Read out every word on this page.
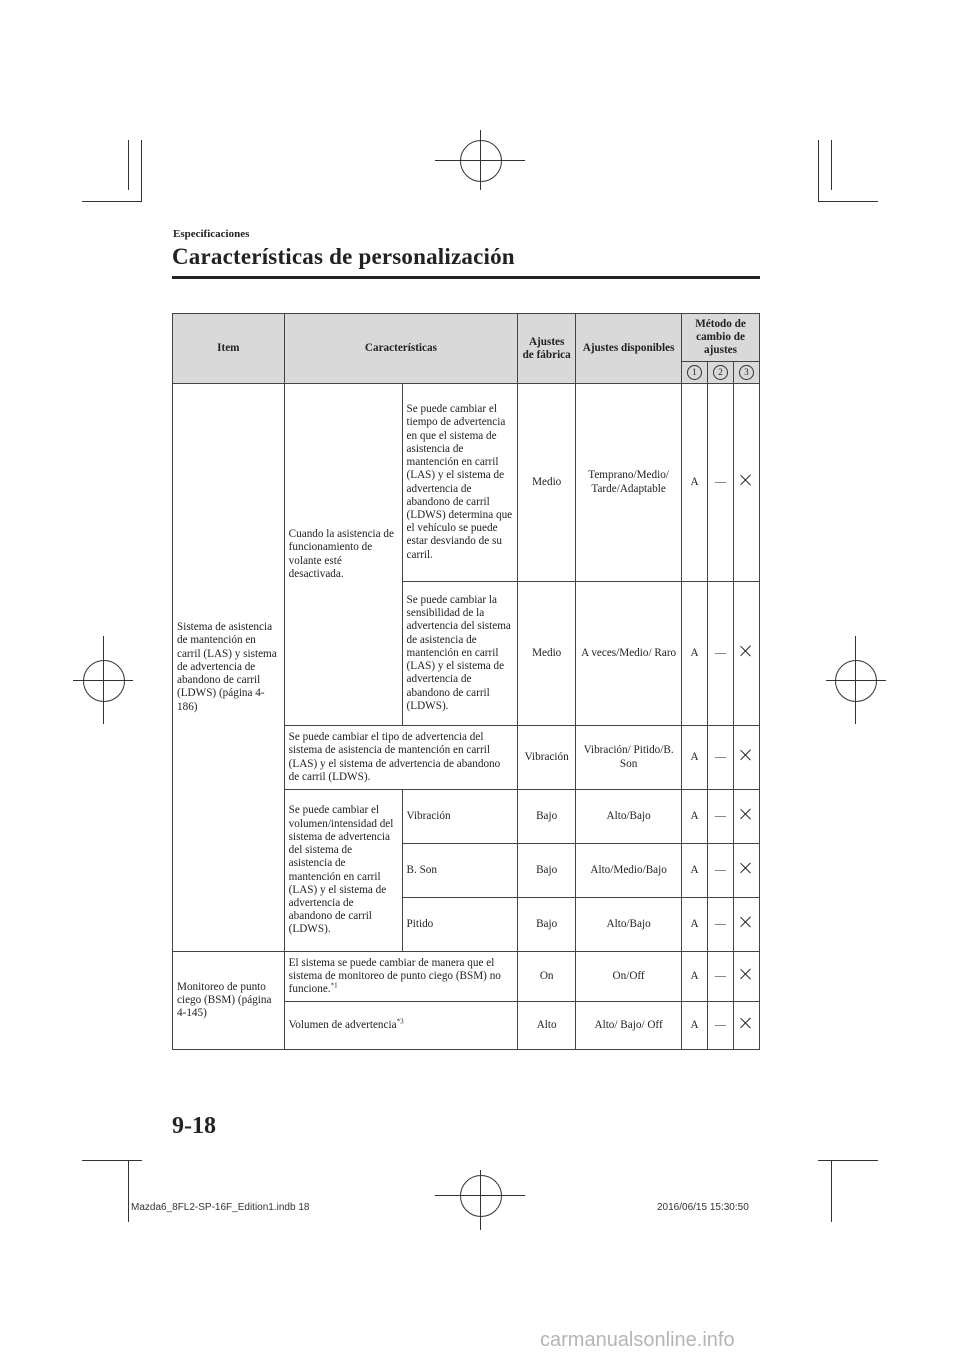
Especificaciones
Características de personalización
Item	Características		Ajustes de fábrica	Ajustes disponibles	Método de cambio de ajustes		
					1	2	3
Sistema de asistencia de mantención en carril (LAS) y sistema de advertencia de abandono de carril (LDWS) (página 4-186)	Cuando la asistencia de funcionamiento de volante esté desactivada.	Se puede cambiar el tiempo de advertencia en que el sistema de asistencia de mantención en carril (LAS) y el sistema de advertencia de abandono de carril (LDWS) determina que el vehículo se puede estar desviando de su carril.	Medio	Temprano/Medio/ Tarde/Adaptable	A	—	
		Se puede cambiar la sensibilidad de la advertencia del sistema de asistencia de mantención en carril (LAS) y el sistema de advertencia de abandono de carril (LDWS).	Medio	A veces/Medio/ Raro	A	—	
	Se puede cambiar el tipo de advertencia del sistema de asistencia de mantención en carril (LAS) y el sistema de advertencia de abandono de carril (LDWS).		Vibración	Vibración/ Pitido/B. Son	A	—	
	Se puede cambiar el volumen/intensidad del sistema de advertencia del sistema de asistencia de mantención en carril (LAS) y el sistema de advertencia de abandono de carril (LDWS).	Vibración	Bajo	Alto/Bajo	A	—	
		B. Son	Bajo	Alto/Medio/Bajo	A	—	
		Pitido	Bajo	Alto/Bajo	A	—	
Monitoreo de punto ciego (BSM) (página 4-145)	El sistema se puede cambiar de manera que el sistema de monitoreo de punto ciego (BSM) no funcione.$^{*1}$		On	On/Off	A	—	
	Volumen de advertencia$^{*3}$		Alto	Alto/ Bajo/ Off	A	—	
9-18
Mazda6_8FL2-SP-16F_Edition1.indb 18	2016/06/15 15:30:50
carmanualsonline.info
